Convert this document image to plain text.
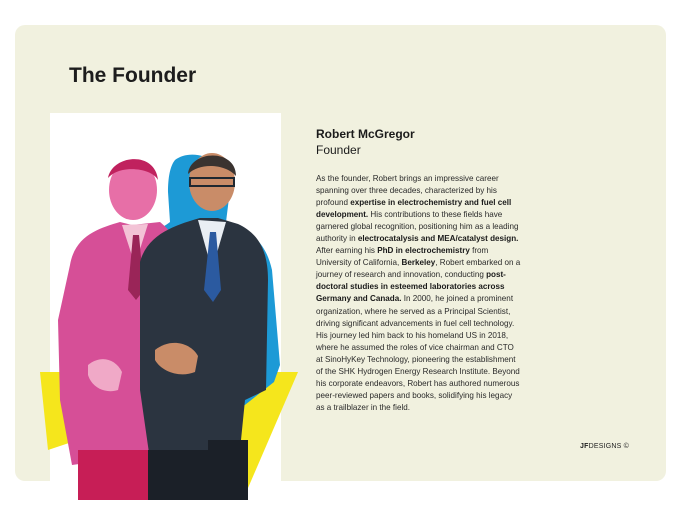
The Founder
Robert McGregor
Founder

As the founder, Robert brings an impressive career spanning over three decades, characterized by his profound expertise in electrochemistry and fuel cell development. His contributions to these fields have garnered global recognition, positioning him as a leading authority in electrocatalysis and MEA/catalyst design. After earning his PhD in electrochemistry from University of California, Berkeley, Robert embarked on a journey of research and innovation, conducting post-doctoral studies in esteemed laboratories across Germany and Canada. In 2000, he joined a prominent organization, where he served as a Principal Scientist, driving significant advancements in fuel cell technology. His journey led him back to his homeland US in 2018, where he assumed the roles of vice chairman and CTO at SinoHyKey Technology, pioneering the establishment of the SHK Hydrogen Energy Research Institute. Beyond his corporate endeavors, Robert has authored numerous peer-reviewed papers and books, solidifying his legacy as a trailblazer in the field.

JFDESIGNS ©
